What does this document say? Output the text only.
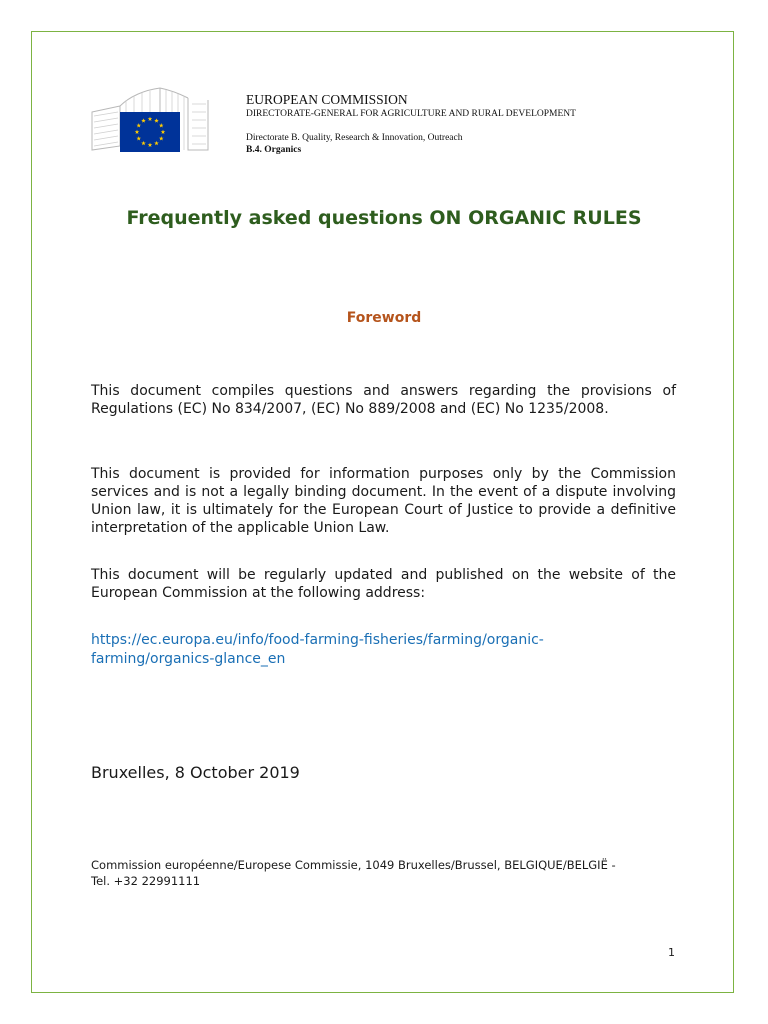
EUROPEAN COMMISSION
DIRECTORATE-GENERAL FOR AGRICULTURE AND RURAL DEVELOPMENT
Directorate B. Quality, Research & Innovation, Outreach
B.4. Organics
Frequently asked questions ON ORGANIC RULES
Foreword
This document compiles questions and answers regarding the provisions of Regulations (EC) No 834/2007, (EC) No 889/2008 and (EC) No 1235/2008.
This document is provided for information purposes only by the Commission services and is not a legally binding document. In the event of a dispute involving Union law, it is ultimately for the European Court of Justice to provide a definitive interpretation of the applicable Union Law.
This document will be regularly updated and published on the website of the European Commission at the following address:
https://ec.europa.eu/info/food-farming-fisheries/farming/organic-
farming/organics-glance_en
Bruxelles, 8 October 2019
Commission européenne/Europese Commissie, 1049 Bruxelles/Brussel, BELGIQUE/BELGIË -
Tel. +32 22991111
1
